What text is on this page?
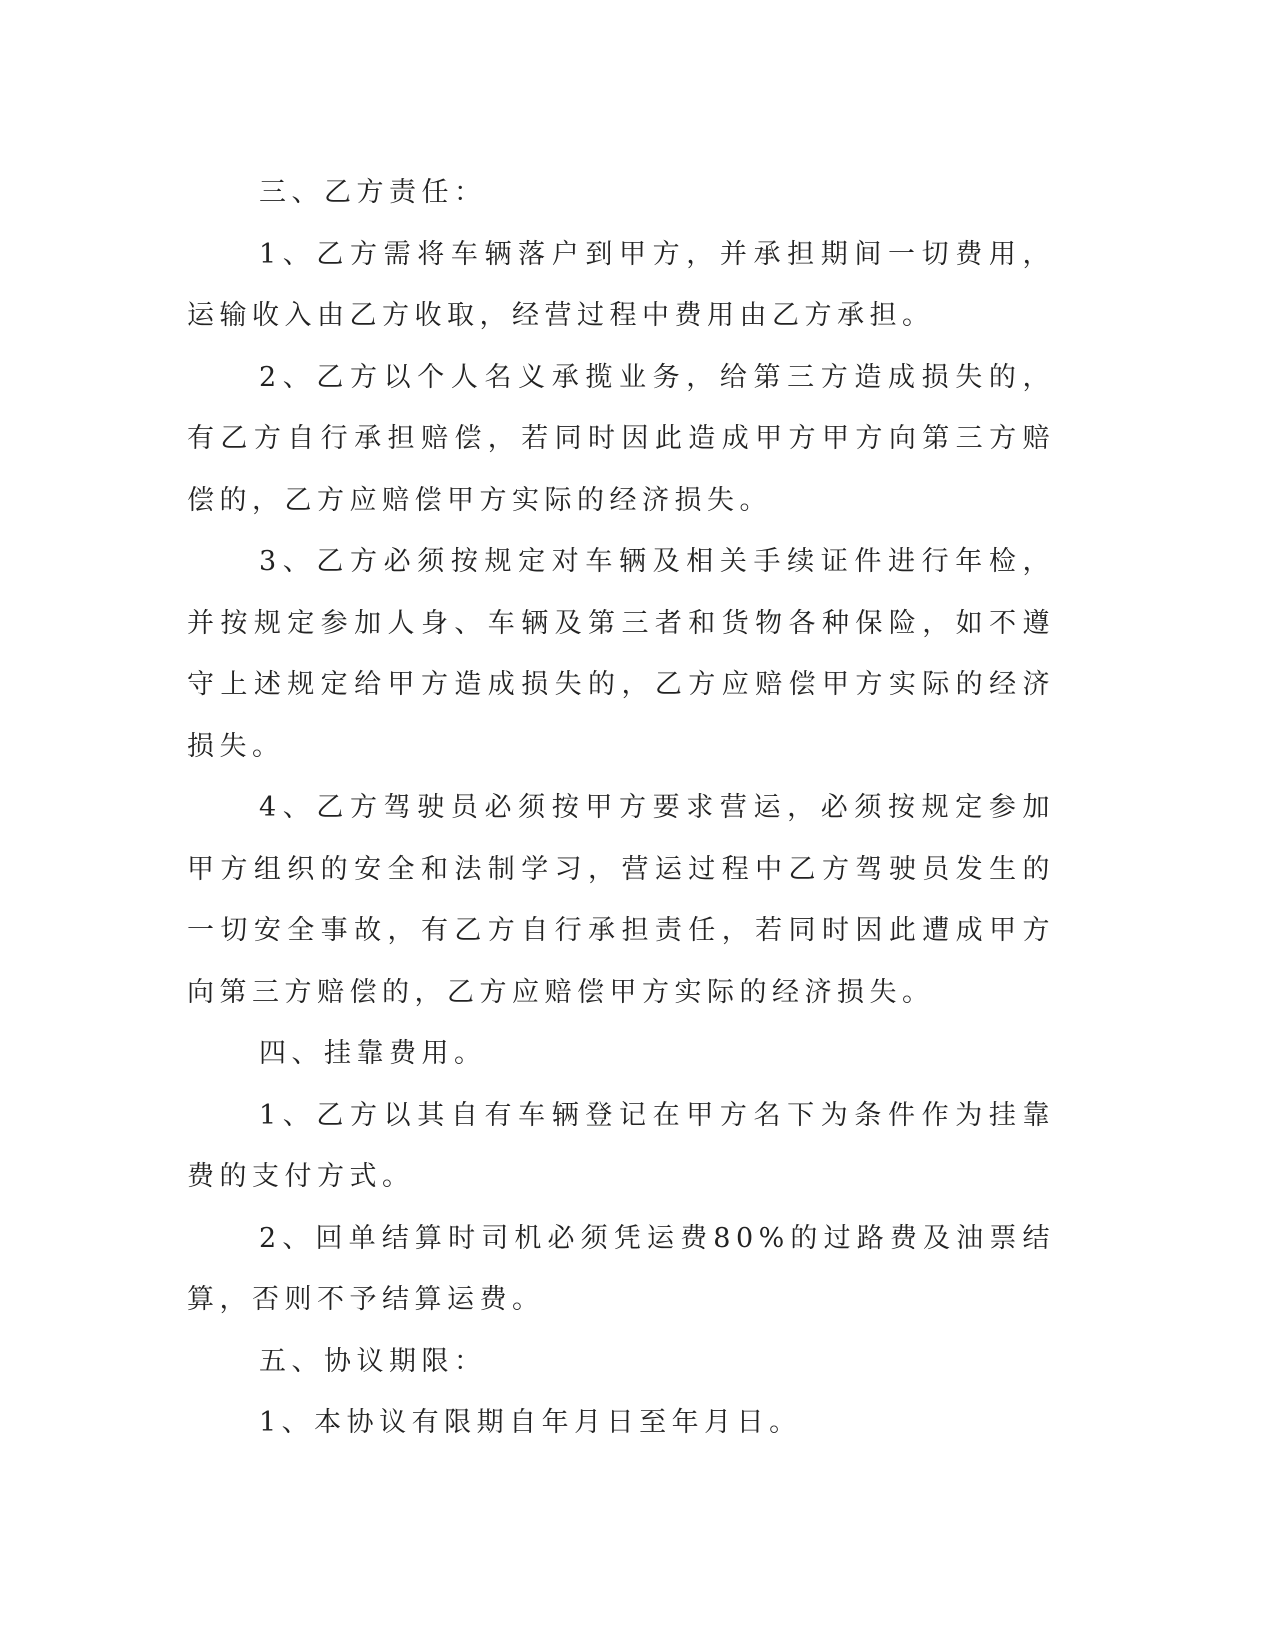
三、乙方责任：

1、乙方需将车辆落户到甲方，并承担期间一切费用，运输收入由乙方收取，经营过程中费用由乙方承担。

2、乙方以个人名义承揽业务，给第三方造成损失的，有乙方自行承担赔偿，若同时因此造成甲方甲方向第三方赔偿的，乙方应赔偿甲方实际的经济损失。

3、乙方必须按规定对车辆及相关手续证件进行年检，并按规定参加人身、车辆及第三者和货物各种保险，如不遵守上述规定给甲方造成损失的，乙方应赔偿甲方实际的经济损失。

4、乙方驾驶员必须按甲方要求营运，必须按规定参加甲方组织的安全和法制学习，营运过程中乙方驾驶员发生的一切安全事故，有乙方自行承担责任，若同时因此遭成甲方向第三方赔偿的，乙方应赔偿甲方实际的经济损失。

四、挂靠费用。

1、乙方以其自有车辆登记在甲方名下为条件作为挂靠费的支付方式。

2、回单结算时司机必须凭运费80%的过路费及油票结算，否则不予结算运费。

五、协议期限：

1、本协议有限期自年月日至年月日。
